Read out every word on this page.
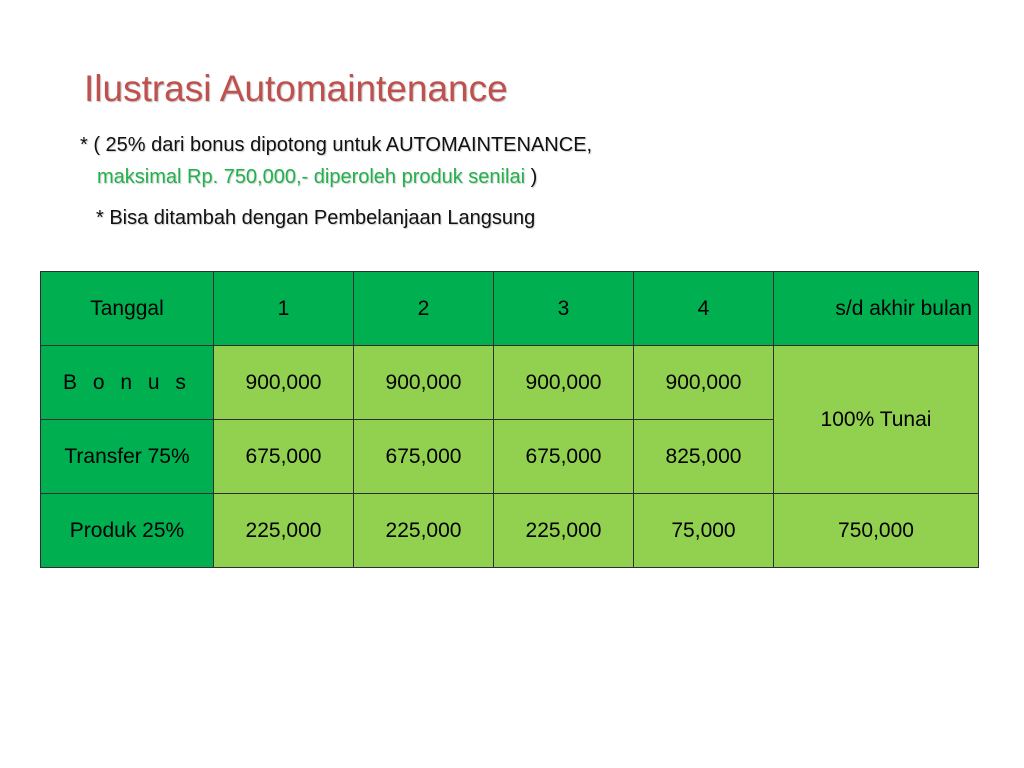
Ilustrasi Automaintenance
* ( 25% dari bonus dipotong untuk AUTOMAINTENANCE,
maksimal Rp. 750,000,- diperoleh produk senilai )
* Bisa ditambah dengan Pembelanjaan Langsung
Tanggal	1	2	3	4	s/d akhir bulan
B o n u s	900,000	900,000	900,000	900,000	100% Tunai
Transfer 75%	675,000	675,000	675,000	825,000	
Produk 25%	225,000	225,000	225,000	75,000	750,000
